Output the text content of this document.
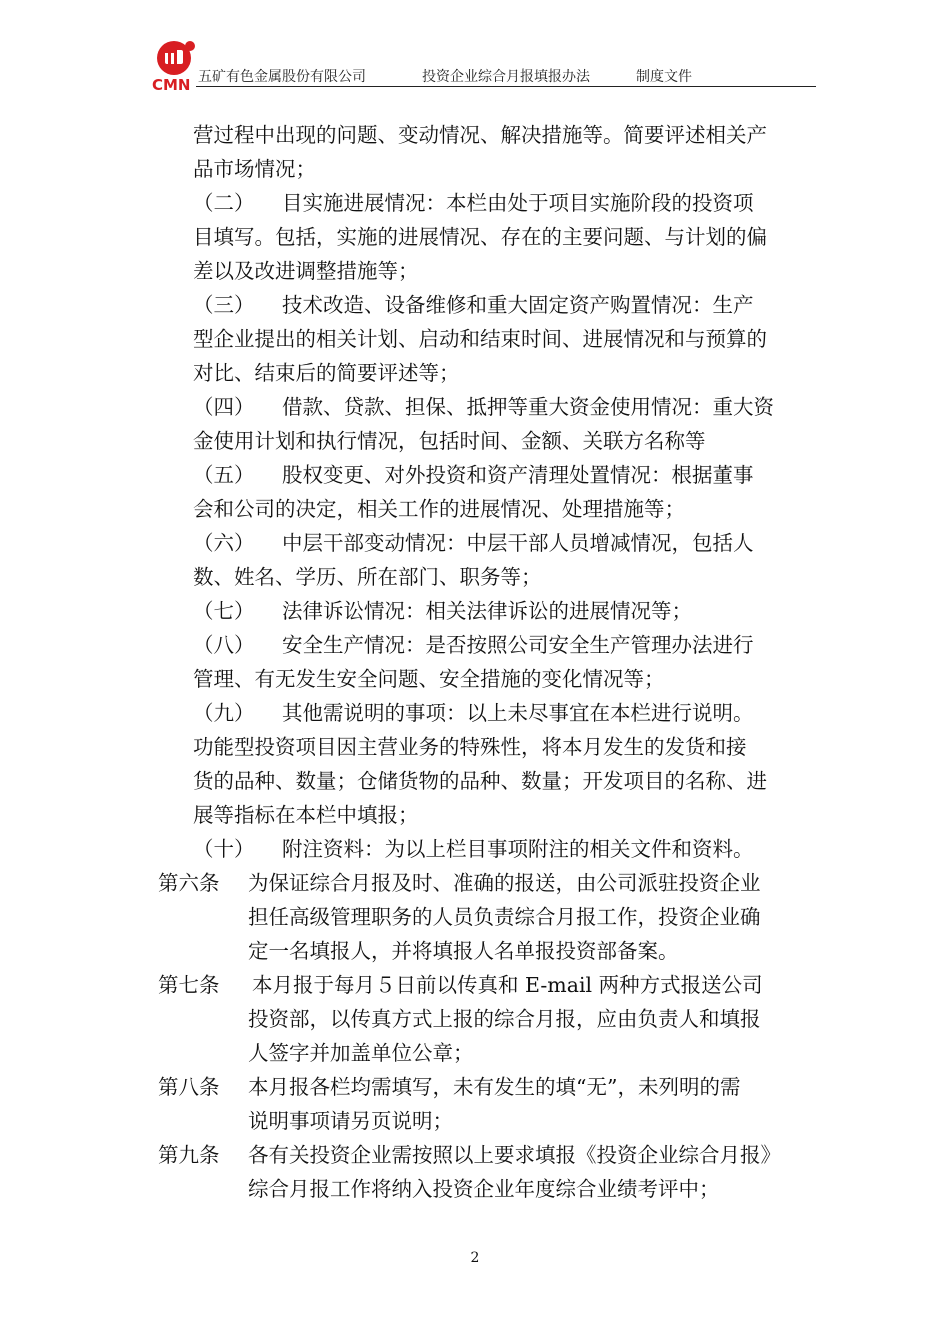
CMN 五矿有色金属股份有限公司	投资企业综合月报填报办法	制度文件
营过程中出现的问题、变动情况、解决措施等。简要评述相关产
品市场情况；
（二） 目实施进展情况：本栏由处于项目实施阶段的投资项
目填写。包括，实施的进展情况、存在的主要问题、与计划的偏
差以及改进调整措施等；
（三） 技术改造、设备维修和重大固定资产购置情况：生产
型企业提出的相关计划、启动和结束时间、进展情况和与预算的
对比、结束后的简要评述等；
（四） 借款、贷款、担保、抵押等重大资金使用情况：重大资
金使用计划和执行情况，包括时间、金额、关联方名称等
（五） 股权变更、对外投资和资产清理处置情况：根据董事
会和公司的决定，相关工作的进展情况、处理措施等；
（六） 中层干部变动情况：中层干部人员增减情况，包括人
数、姓名、学历、所在部门、职务等；
（七） 法律诉讼情况：相关法律诉讼的进展情况等；
（八） 安全生产情况：是否按照公司安全生产管理办法进行
管理、有无发生安全问题、安全措施的变化情况等；
（九） 其他需说明的事项：以上未尽事宜在本栏进行说明。
功能型投资项目因主营业务的特殊性，将本月发生的发货和接
货的品种、数量；仓储货物的品种、数量；开发项目的名称、进
展等指标在本栏中填报；
（十） 附注资料：为以上栏目事项附注的相关文件和资料。
第六条 为保证综合月报及时、准确的报送，由公司派驻投资企业
担任高级管理职务的人员负责综合月报工作，投资企业确
定一名填报人，并将填报人名单报投资部备案。
第七条 本月报于每月５日前以传真和 E-mail 两种方式报送公司
投资部，以传真方式上报的综合月报，应由负责人和填报
人签字并加盖单位公章；
第八条 本月报各栏均需填写，未有发生的填“无”，未列明的需
说明事项请另页说明；
第九条 各有关投资企业需按照以上要求填报《投资企业综合月报》
综合月报工作将纳入投资企业年度综合业绩考评中；
2
